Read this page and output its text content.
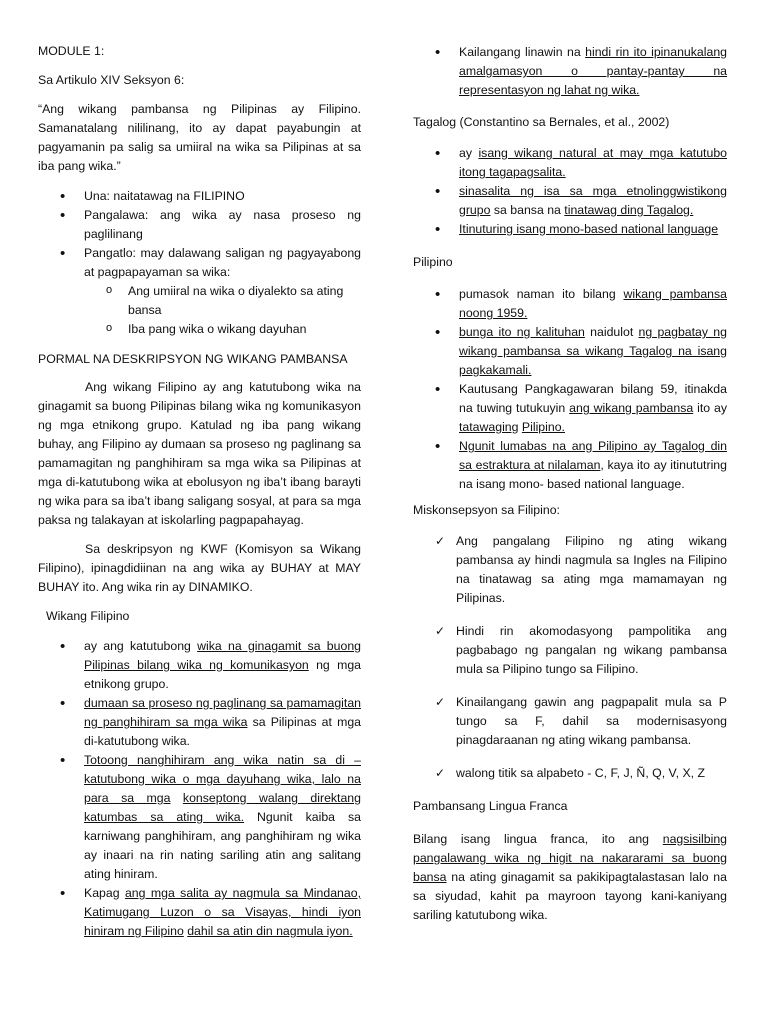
MODULE 1:

Sa Artikulo XIV Seksyon 6:

“Ang wikang pambansa ng Pilipinas ay Filipino. Samanatalang nililinang, ito ay dapat payabungin at pagyamanin pa salig sa umiiral na wika sa Pilipinas at sa iba pang wika.”

• Una: naitatawag na FILIPINO
• Pangalawa: ang wika ay nasa proseso ng paglilinang
• Pangatlo: may dalawang saligan ng pagyayabong at pagpapayaman sa wika:
o Ang umiiral na wika o diyalekto sa ating bansa
o Iba pang wika o wikang dayuhan

PORMAL NA DESKRIPSYON NG WIKANG PAMBANSA

Ang wikang Filipino ay ang katutubong wika na ginagamit sa buong Pilipinas bilang wika ng komunikasyon ng mga etnikong grupo. Katulad ng iba pang wikang buhay, ang Filipino ay dumaan sa proseso ng paglinang sa pamamagitan ng panghihiram sa mga wika sa Pilipinas at mga di-katutubong wika at ebolusyon ng iba’t ibang barayti ng wika para sa iba’t ibang saligang sosyal, at para sa mga paksa ng talakayan at iskolarling pagpapahayag.

Sa deskripsyon ng KWF (Komisyon sa Wikang Filipino), ipinagdidiinan na ang wika ay BUHAY at MAY BUHAY ito. Ang wika rin ay DINAMIKO.

Wikang Filipino

• ay ang katutubong wika na ginagamit sa buong Pilipinas bilang wika ng komunikasyon ng mga etnikong grupo.
• dumaan sa proseso ng paglinang sa pamamagitan ng panghihiram sa mga wika sa Pilipinas at mga di-katutubong wika.
• Totoong nanghihiram ang wika natin sa di – katutubong wika o mga dayuhang wika, lalo na para sa mga konseptong walang direktang katumbas sa ating wika. Ngunit kaiba sa karniwang panghihiram, ang panghihiram ng wika ay inaari na rin nating sariling atin ang salitang ating hiniram.
• Kapag ang mga salita ay nagmula sa Mindanao, Katimugang Luzon o sa Visayas, hindi iyon hiniram ng Filipino dahil sa atin din nagmula iyon.
• Kailangang linawin na hindi rin ito ipinanukalang amalgamasyon o pantay-pantay na representasyon ng lahat ng wika.

Tagalog (Constantino sa Bernales, et al., 2002)

• ay isang wikang natural at may mga katutubo itong tagapagsalita.
• sinasalita ng isa sa mga etnolinggwistikong grupo sa bansa na tinatawag ding Tagalog.
• Itinuturing isang mono-based national language

Pilipino

• pumasok naman ito bilang wikang pambansa noong 1959.
• bunga ito ng kalituhan naidulot ng pagbatay ng wikang pambansa sa wikang Tagalog na isang pagkakamali.
• Kautusang Pangkagawaran bilang 59, itinakda na tuwing tutukuyin ang wikang pambansa ito ay tatawaging Pilipino.
• Ngunit lumabas na ang Pilipino ay Tagalog din sa estraktura at nilalaman, kaya ito ay itinututring na isang mono- based national language.

Miskonsepsyon sa Filipino:

✓ Ang pangalang Filipino ng ating wikang pambansa ay hindi nagmula sa Ingles na Filipino na tinatawag sa ating mga mamamayan ng Pilipinas.
✓ Hindi rin akomodasyong pampolitika ang pagbabago ng pangalan ng wikang pambansa mula sa Pilipino tungo sa Filipino.
✓ Kinailangang gawin ang pagpapalit mula sa P tungo sa F, dahil sa modernisasyong pinagdaraanan ng ating wikang pambansa.
✓ walong titik sa alpabeto - C, F, J, Ñ, Q, V, X, Z

Pambansang Lingua Franca

Bilang isang lingua franca, ito ang nagsisilbing pangalawang wika ng higit na nakararami sa buong bansa na ating ginagamit sa pakikipagtalastasan lalo na sa siyudad, kahit pa mayroon tayong kani-kaniyang sariling katutubong wika.
